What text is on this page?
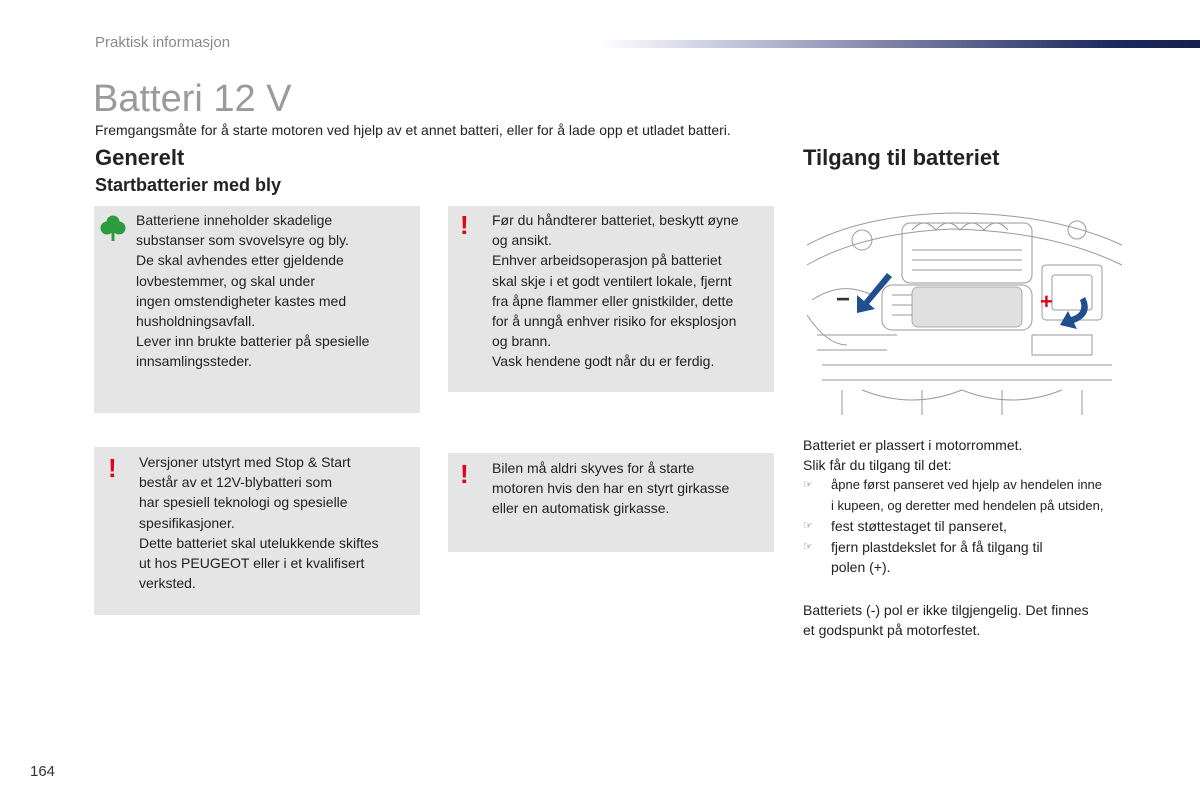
Praktisk informasjon
Batteri 12 V
Fremgangsmåte for å starte motoren ved hjelp av et annet batteri, eller for å lade opp et utladet batteri.
Generelt
Startbatterier med bly
Batteriene inneholder skadelige
substanser som svovelsyre og bly.
De skal avhendes etter gjeldende
lovbestemmer, og skal under
ingen omstendigheter kastes med
husholdningsavfall.
Lever inn brukte batterier på spesielle
innsamlingssteder.
! Før du håndterer batteriet, beskytt øyne
og ansikt.
Enhver arbeidsoperasjon på batteriet
skal skje i et godt ventilert lokale, fjernt
fra åpne flammer eller gnistkilder, dette
for å unngå enhver risiko for eksplosjon
og brann.
Vask hendene godt når du er ferdig.
! Versjoner utstyrt med Stop & Start
består av et 12V-blybatteri som
har spesiell teknologi og spesielle
spesifikasjoner.
Dette batteriet skal utelukkende skiftes
ut hos PEUGEOT eller i et kvalifisert
verksted.
! Bilen må aldri skyves for å starte
motoren hvis den har en styrt girkasse
eller en automatisk girkasse.
Tilgang til batteriet
−	+
Batteriet er plassert i motorrommet.
Slik får du tilgang til det:
☞ åpne først panseret ved hjelp av hendelen inne
i kupeen, og deretter med hendelen på utsiden,
☞ fest støttestaget til panseret,
☞ fjern plastdekslet for å få tilgang til
polen (+).
Batteriets (-) pol er ikke tilgjengelig. Det finnes
et godspunkt på motorfestet.
164
